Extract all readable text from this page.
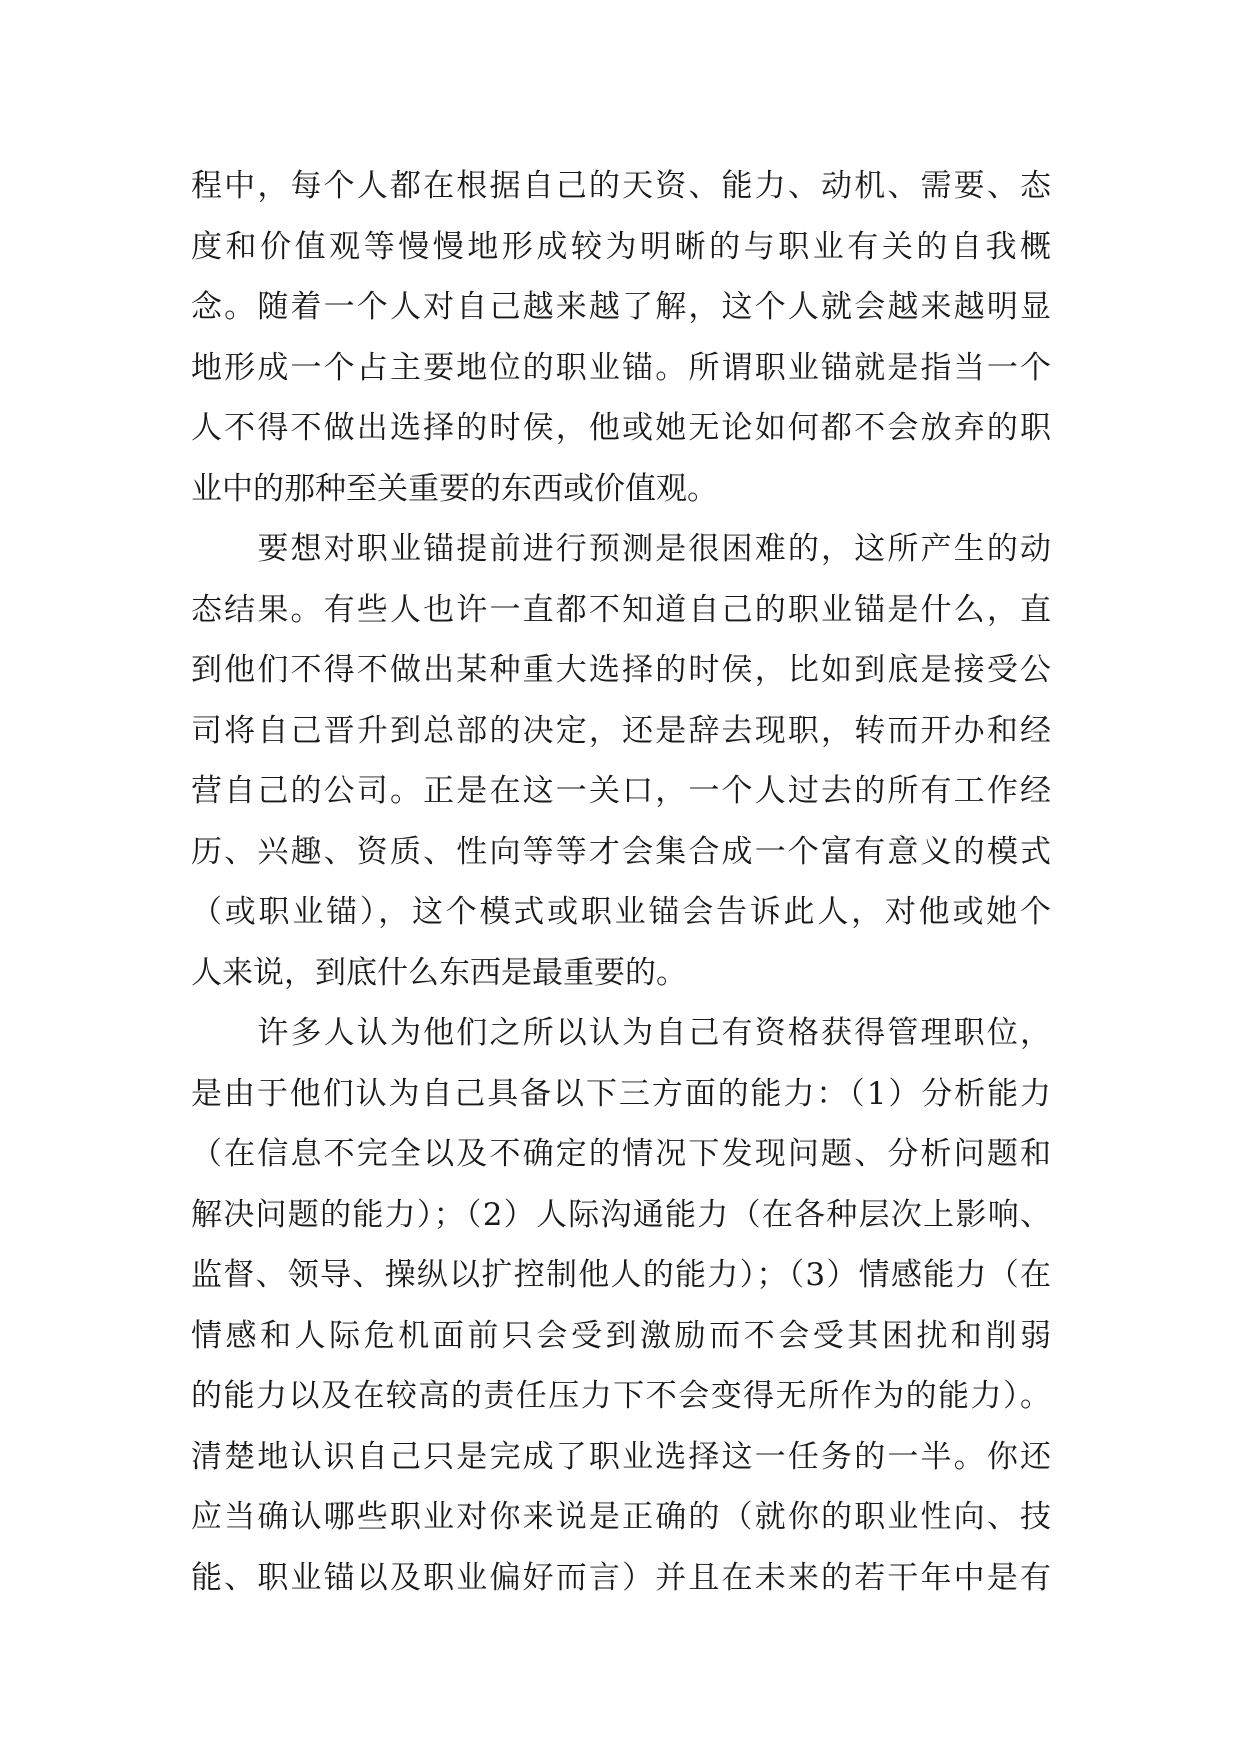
程中，每个人都在根据自己的天资、能力、动机、需要、态
度和价值观等慢慢地形成较为明晰的与职业有关的自我概
念。随着一个人对自己越来越了解，这个人就会越来越明显
地形成一个占主要地位的职业锚。所谓职业锚就是指当一个
人不得不做出选择的时侯，他或她无论如何都不会放弃的职
业中的那种至关重要的东西或价值观。
　　要想对职业锚提前进行预测是很困难的，这所产生的动
态结果。有些人也许一直都不知道自己的职业锚是什么，直
到他们不得不做出某种重大选择的时侯，比如到底是接受公
司将自己晋升到总部的决定，还是辞去现职，转而开办和经
营自己的公司。正是在这一关口，一个人过去的所有工作经
历、兴趣、资质、性向等等才会集合成一个富有意义的模式
（或职业锚），这个模式或职业锚会告诉此人，对他或她个
人来说，到底什么东西是最重要的。
　　许多人认为他们之所以认为自己有资格获得管理职位，
是由于他们认为自己具备以下三方面的能力：（1）分析能力
（在信息不完全以及不确定的情况下发现问题、分析问题和
解决问题的能力）；（2）人际沟通能力（在各种层次上影响、
监督、领导、操纵以扩控制他人的能力）；（3）情感能力（在
情感和人际危机面前只会受到激励而不会受其困扰和削弱
的能力以及在较高的责任压力下不会变得无所作为的能力）。
清楚地认识自己只是完成了职业选择这一任务的一半。你还
应当确认哪些职业对你来说是正确的（就你的职业性向、技
能、职业锚以及职业偏好而言）并且在未来的若干年中是有
